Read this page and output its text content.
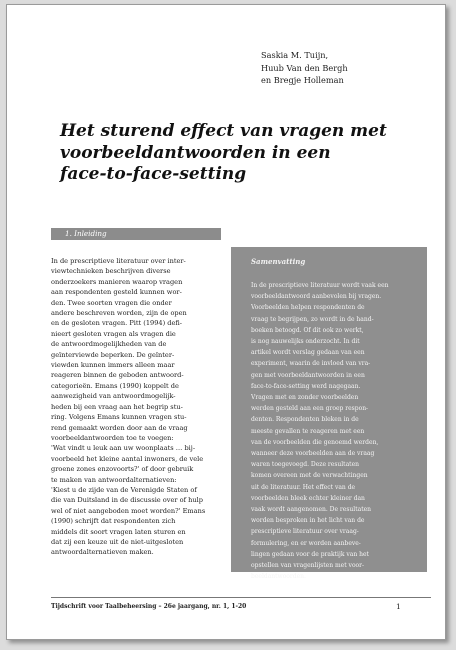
Saskia M. Tuijn,
Huub Van den Bergh
en Bregje Holleman
Het sturend effect van vragen met
voorbeeldantwoorden in een
face-to-face-setting
1. Inleiding

In de prescriptieve literatuur over inter-

viewtechnieken beschrijven diverse

onderzoekers manieren waarop vragen

aan respondenten gesteld kunnen wor-

den. Twee soorten vragen die onder

andere beschreven worden, zijn de open

en de gesloten vragen. Pitt (1994) defi-

nieert gesloten vragen als vragen die

de antwoordmogelijkheden van de

geïnterviewde beperken. De geïnter-

viewden kunnen immers alleen maar

reageren binnen de geboden antwoord-

categorieën. Emans (1990) koppelt de

aanwezigheid van antwoordmogelijk-

heden bij een vraag aan het begrip stu-

ring. Volgens Emans kunnen vragen stu-

rend gemaakt worden door aan de vraag

voorbeeldantwoorden toe te voegen:

'Wat vindt u leuk aan uw woonplaats … bij-

voorbeeld het kleine aantal inwoners, de vele

groene zones enzovoorts?' of door gebruik

te maken van antwoordalternatieven:

'Kiest u de zijde van de Verenigde Staten of

die van Duitsland in de discussie over of hulp

wel of niet aangeboden moet worden?' Emans

(1990) schrijft dat respondenten zich

middels dit soort vragen laten sturen en

dat zij een keuze uit de niet-uitgesloten

antwoordalternatieven maken.

Samenvatting

In de prescriptieve literatuur wordt vaak een

voorbeeldantwoord aanbevolen bij vragen.

Voorbeelden helpen respondenten de

vraag te begrijpen, zo wordt in de hand-

boeken betoogd. Of dit ook zo werkt,

is nog nauwelijks onderzocht. In dit

artikel wordt verslag gedaan van een

experiment, waarin de invloed van vra-

gen met voorbeeldantwoorden in een

face-to-face-setting werd nagegaan.

Vragen met en zonder voorbeelden

werden gesteld aan een groep respon-

denten. Respondenten bleken in de

meeste gevallen te reageren met een

van de voorbeelden die genoemd werden,

wanneer deze voorbeelden aan de vraag

waren toegevoegd. Deze resultaten

komen overeen met de verwachtingen

uit de literatuur. Het effect van de

voorbeelden bleek echter kleiner dan

vaak wordt aangenomen. De resultaten

worden besproken in het licht van de

prescriptieve literatuur over vraag-

formulering, en er worden aanbeve-

lingen gedaan voor de praktijk van het

opstellen van vragenlijsten met voor-

beeldantwoorden.

Tijdschrift voor Taalbeheersing – 26e jaargang, nr. 1, 1-20	1
